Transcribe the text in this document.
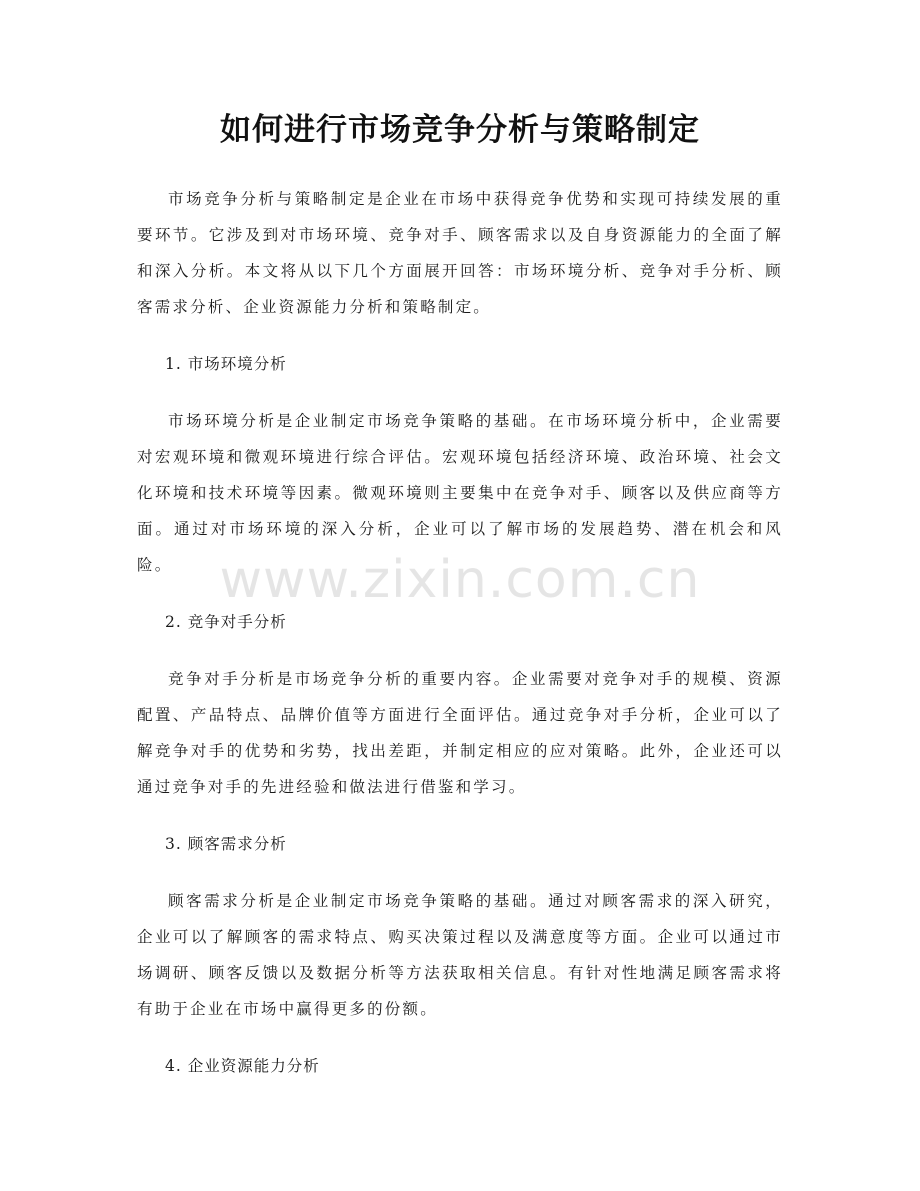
如何进行市场竞争分析与策略制定
www.zixin.com.cn

市场竞争分析与策略制定是企业在市场中获得竞争优势和实现可持续发展的重要环节。它涉及到对市场环境、竞争对手、顾客需求以及自身资源能力的全面了解和深入分析。本文将从以下几个方面展开回答：市场环境分析、竞争对手分析、顾客需求分析、企业资源能力分析和策略制定。

1. 市场环境分析

市场环境分析是企业制定市场竞争策略的基础。在市场环境分析中，企业需要对宏观环境和微观环境进行综合评估。宏观环境包括经济环境、政治环境、社会文化环境和技术环境等因素。微观环境则主要集中在竞争对手、顾客以及供应商等方面。通过对市场环境的深入分析，企业可以了解市场的发展趋势、潜在机会和风险。

2. 竞争对手分析

竞争对手分析是市场竞争分析的重要内容。企业需要对竞争对手的规模、资源配置、产品特点、品牌价值等方面进行全面评估。通过竞争对手分析，企业可以了解竞争对手的优势和劣势，找出差距，并制定相应的应对策略。此外，企业还可以通过竞争对手的先进经验和做法进行借鉴和学习。

3. 顾客需求分析

顾客需求分析是企业制定市场竞争策略的基础。通过对顾客需求的深入研究，企业可以了解顾客的需求特点、购买决策过程以及满意度等方面。企业可以通过市场调研、顾客反馈以及数据分析等方法获取相关信息。有针对性地满足顾客需求将有助于企业在市场中赢得更多的份额。

4. 企业资源能力分析
